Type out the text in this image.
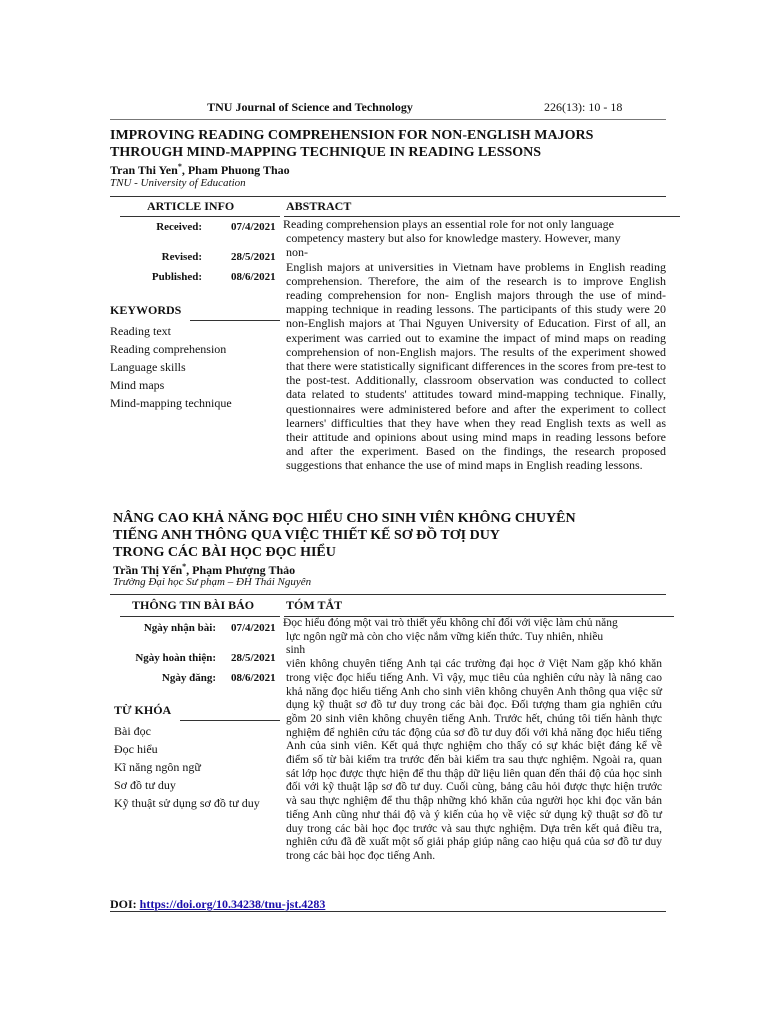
TNU Journal of Science and Technology	226(13): 10 - 18
IMPROVING READING COMPREHENSION FOR NON-ENGLISH MAJORS
THROUGH MIND-MAPPING TECHNIQUE IN READING LESSONS
Tran Thi Yen*, Pham Phuong Thao
TNU - University of Education
ARTICLE INFO	ABSTRACT
Received:	07/4/2021
Revised:	28/5/2021
Published:	08/6/2021
KEYWORDS
Reading text
Reading comprehension
Language skills
Mind maps
Mind-mapping technique
Reading comprehension plays an essential role for not only language
competency mastery but also for knowledge mastery. However, many
non-
English majors at universities in Vietnam have problems in English reading comprehension. Therefore, the aim of the research is to improve English reading comprehension for non- English majors through the use of mind-mapping technique in reading lessons. The participants of this study were 20 non-English majors at Thai Nguyen University of Education. First of all, an experiment was carried out to examine the impact of mind maps on reading comprehension of non-English majors. The results of the experiment showed that there were statistically significant differences in the scores from pre-test to the post-test. Additionally, classroom observation was conducted to collect data related to students' attitudes toward mind-mapping technique. Finally, questionnaires were administered before and after the experiment to collect learners' difficulties that they have when they read English texts as well as their attitude and opinions about using mind maps in reading lessons before and after the experiment. Based on the findings, the research proposed suggestions that enhance the use of mind maps in English reading lessons.
NÂNG CAO KHẢ NĂNG ĐỌC HIỂU CHO SINH VIÊN KHÔNG CHUYÊN
TIẾNG ANH THÔNG QUA VIỆC THIẾT KẾ SƠ ĐỒ TƠỊ DUY
TRONG CÁC BÀI HỌC ĐỌC HIỂU
Trần Thị Yến*, Phạm Phượng Thảo
Trường Đại học Sư phạm – ĐH Thái Nguyên
THÔNG TIN BÀI BÁO	TÓM TẮT
Ngày nhận bài: 07/4/2021
Ngày hoàn thiện: 28/5/2021
Ngày đăng: 08/6/2021
TỪ KHÓA
Bài đọc
Đọc hiểu
Kĩ năng ngôn ngữ
Sơ đồ tư duy
Kỹ thuật sử dụng sơ đồ tư duy
Đọc hiểu đóng một vai trò thiết yếu không chỉ đối với việc làm chủ năng
lực ngôn ngữ mà còn cho việc nắm vững kiến thức. Tuy nhiên, nhiều
sinh
viên không chuyên tiếng Anh tại các trường đại học ở Việt Nam gặp khó khăn trong việc đọc hiểu tiếng Anh. Vì vậy, mục tiêu của nghiên cứu này là nâng cao khả năng đọc hiểu tiếng Anh cho sinh viên không chuyên Anh thông qua việc sử dụng kỹ thuật sơ đồ tư duy trong các bài đọc. Đối tượng tham gia nghiên cứu gồm 20 sinh viên không chuyên tiếng Anh. Trước hết, chúng tôi tiến hành thực nghiệm để nghiên cứu tác động của sơ đồ tư duy đối với khả năng đọc hiểu tiếng Anh của sinh viên. Kết quả thực nghiệm cho thấy có sự khác biệt đáng kể về điểm số từ bài kiểm tra trước đến bài kiểm tra sau thực nghiệm. Ngoài ra, quan sát lớp học được thực hiện để thu thập dữ liệu liên quan đến thái độ của học sinh đối với kỹ thuật lập sơ đồ tư duy. Cuối cùng, bảng câu hỏi được thực hiện trước và sau thực nghiệm để thu thập những khó khăn của người học khi đọc văn bản tiếng Anh cũng như thái độ và ý kiến của họ về việc sử dụng kỹ thuật sơ đồ tư duy trong các bài học đọc trước và sau thực nghiệm. Dựa trên kết quả điều tra, nghiên cứu đã đề xuất một số giải pháp giúp nâng cao hiệu quả của sơ đồ tư duy trong các bài học đọc tiếng Anh.
DOI: https://doi.org/10.34238/tnu-jst.4283
